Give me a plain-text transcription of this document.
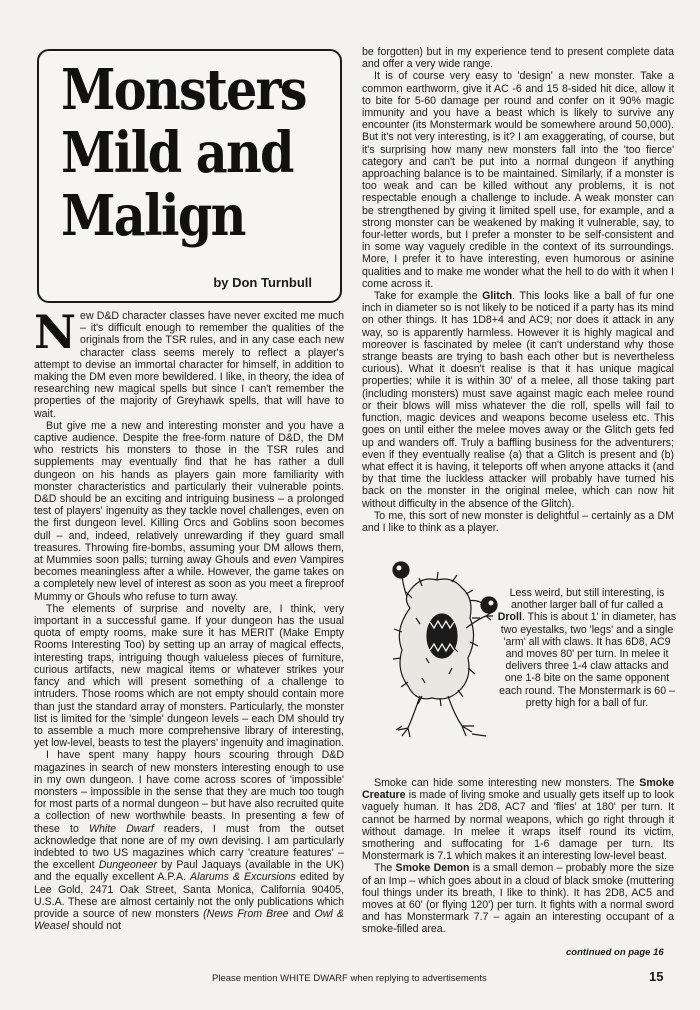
Monsters
Mild and
Malign
by Don Turnbull

New D&D character classes have never excited me much – it's difficult enough to remember the qualities of the originals from the TSR rules, and in any case each new character class seems merely to reflect a player's attempt to devise an immortal character for himself, in addition to making the DM even more bewildered. I like, in theory, the idea of researching new magical spells but since I can't remember the properties of the majority of Greyhawk spells, that will have to wait.

But give me a new and interesting monster and you have a captive audience. Despite the free-form nature of D&D, the DM who restricts his monsters to those in the TSR rules and supplements may eventually find that he has rather a dull dungeon on his hands as players gain more familiarity with monster characteristics and particularly their vulnerable points. D&D should be an exciting and intriguing business – a prolonged test of players' ingenuity as they tackle novel challenges, even on the first dungeon level. Killing Orcs and Goblins soon becomes dull – and, indeed, relatively unrewarding if they guard small treasures. Throwing fire-bombs, assuming your DM allows them, at Mummies soon palls; turning away Ghouls and even Vampires becomes meaningless after a while. However, the game takes on a completely new level of interest as soon as you meet a fireproof Mummy or Ghouls who refuse to turn away.

The elements of surprise and novelty are, I think, very important in a successful game. If your dungeon has the usual quota of empty rooms, make sure it has MERIT (Make Empty Rooms Interesting Too) by setting up an array of magical effects, interesting traps, intriguing though valueless pieces of furniture, curious artifacts, new magical items or whatever strikes your fancy and which will present something of a challenge to intruders. Those rooms which are not empty should contain more than just the standard array of monsters. Particularly, the monster list is limited for the 'simple' dungeon levels – each DM should try to assemble a much more comprehensive library of interesting, yet low-level, beasts to test the players' ingenuity and imagination.

I have spent many happy hours scouring through D&D magazines in search of new monsters interesting enough to use in my own dungeon. I have come across scores of 'impossible' monsters – impossible in the sense that they are much too tough for most parts of a normal dungeon – but have also recruited quite a collection of new worthwhile beasts. In presenting a few of these to White Dwarf readers, I must from the outset acknowledge that none are of my own devising. I am particularly indebted to two US magazines which carry 'creature features' – the excellent Dungeoneer by Paul Jaquays (available in the UK) and the equally excellent A.P.A. Alarums & Excursions edited by Lee Gold, 2471 Oak Street, Santa Monica, California 90405, U.S.A. These are almost certainly not the only publications which provide a source of new monsters (News From Bree and Owl & Weasel should not

be forgotten) but in my experience tend to present complete data and offer a very wide range.

It is of course very easy to 'design' a new monster. Take a common earthworm, give it AC -6 and 15 8-sided hit dice, allow it to bite for 5-60 damage per round and confer on it 90% magic immunity and you have a beast which is likely to survive any encounter (its Monstermark would be somewhere around 50,000). But it's not very interesting, is it? I am exaggerating, of course, but it's surprising how many new monsters fall into the 'too fierce' category and can't be put into a normal dungeon if anything approaching balance is to be maintained. Similarly, if a monster is too weak and can be killed without any problems, it is not respectable enough a challenge to include. A weak monster can be strengthened by giving it limited spell use, for example, and a strong monster can be weakened by making it vulnerable, say, to four-letter words, but I prefer a monster to be self-consistent and in some way vaguely credible in the context of its surroundings. More, I prefer it to have interesting, even humorous or asinine qualities and to make me wonder what the hell to do with it when I come across it.

Take for example the Glitch. This looks like a ball of fur one inch in diameter so is not likely to be noticed if a party has its mind on other things. It has 1D8+4 and AC9; nor does it attack in any way, so is apparently harmless. However it is highly magical and moreover is fascinated by melee (it can't understand why those strange beasts are trying to bash each other but is nevertheless curious). What it doesn't realise is that it has unique magical properties; while it is within 30' of a melee, all those taking part (including monsters) must save against magic each melee round or their blows will miss whatever the die roll, spells will fail to function, magic devices and weapons become useless etc. This goes on until either the melee moves away or the Glitch gets fed up and wanders off. Truly a baffling business for the adventurers; even if they eventually realise (a) that a Glitch is present and (b) what effect it is having, it teleports off when anyone attacks it (and by that time the luckless attacker will probably have turned his back on the monster in the original melee, which can now hit without difficulty in the absence of the Glitch).

To me, this sort of new monster is delightful – certainly as a DM and I like to think as a player.

Less weird, but still interesting, is another larger ball of fur called a Droll. This is about 1' in diameter, has two eyestalks, two 'legs' and a single 'arm' all with claws. It has 6D8, AC9 and moves 80' per turn. In melee it delivers three 1-4 claw attacks and one 1-8 bite on the same opponent each round. The Monstermark is 60 – pretty high for a ball of fur.

Smoke can hide some interesting new monsters. The Smoke Creature is made of living smoke and usually gets itself up to look vaguely human. It has 2D8, AC7 and 'flies' at 180' per turn. It cannot be harmed by normal weapons, which go right through it without damage. In melee it wraps itself round its victim, smothering and suffocating for 1-6 damage per turn. Its Monstermark is 7.1 which makes it an interesting low-level beast.

The Smoke Demon is a small demon – probably more the size of an Imp – which goes about in a cloud of black smoke (muttering foul things under its breath, I like to think). It has 2D8, AC5 and moves at 60' (or flying 120') per turn. It fights with a normal sword and has Monstermark 7.7 – again an interesting occupant of a smoke-filled area.

continued on page 16
Please mention WHITE DWARF when replying to advertisements	15
